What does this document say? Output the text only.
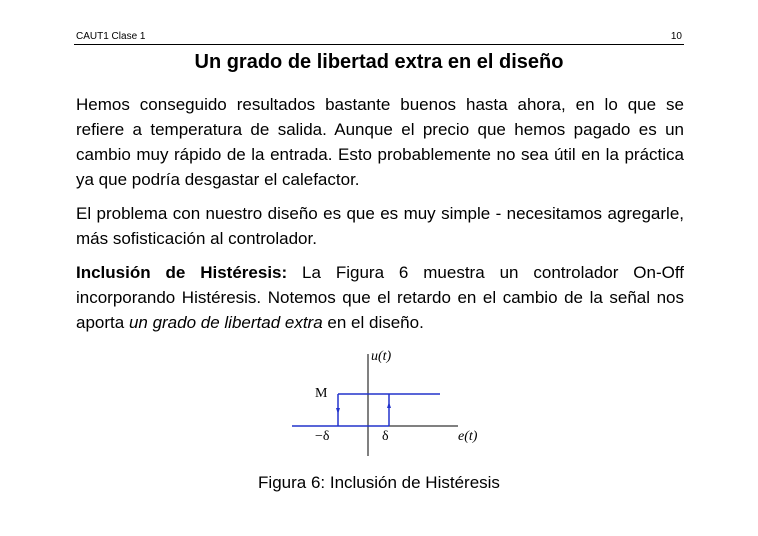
CAUT1 Clase 1	10
Un grado de libertad extra en el diseño

Hemos conseguido resultados bastante buenos hasta ahora, en lo que se refiere a temperatura de salida. Aunque el precio que hemos pagado es un cambio muy rápido de la entrada. Esto probablemente no sea útil en la práctica ya que podría desgastar el calefactor.

El problema con nuestro diseño es que es muy simple - necesitamos agregarle, más sofisticación al controlador.

Inclusión de Histéresis: La Figura 6 muestra un controlador On-Off incorporando Histéresis. Notemos que el retardo en el cambio de la señal nos aporta un grado de libertad extra en el diseño.

u(t)
M
−δ	δ	e(t)
Figura 6: Inclusión de Histéresis
